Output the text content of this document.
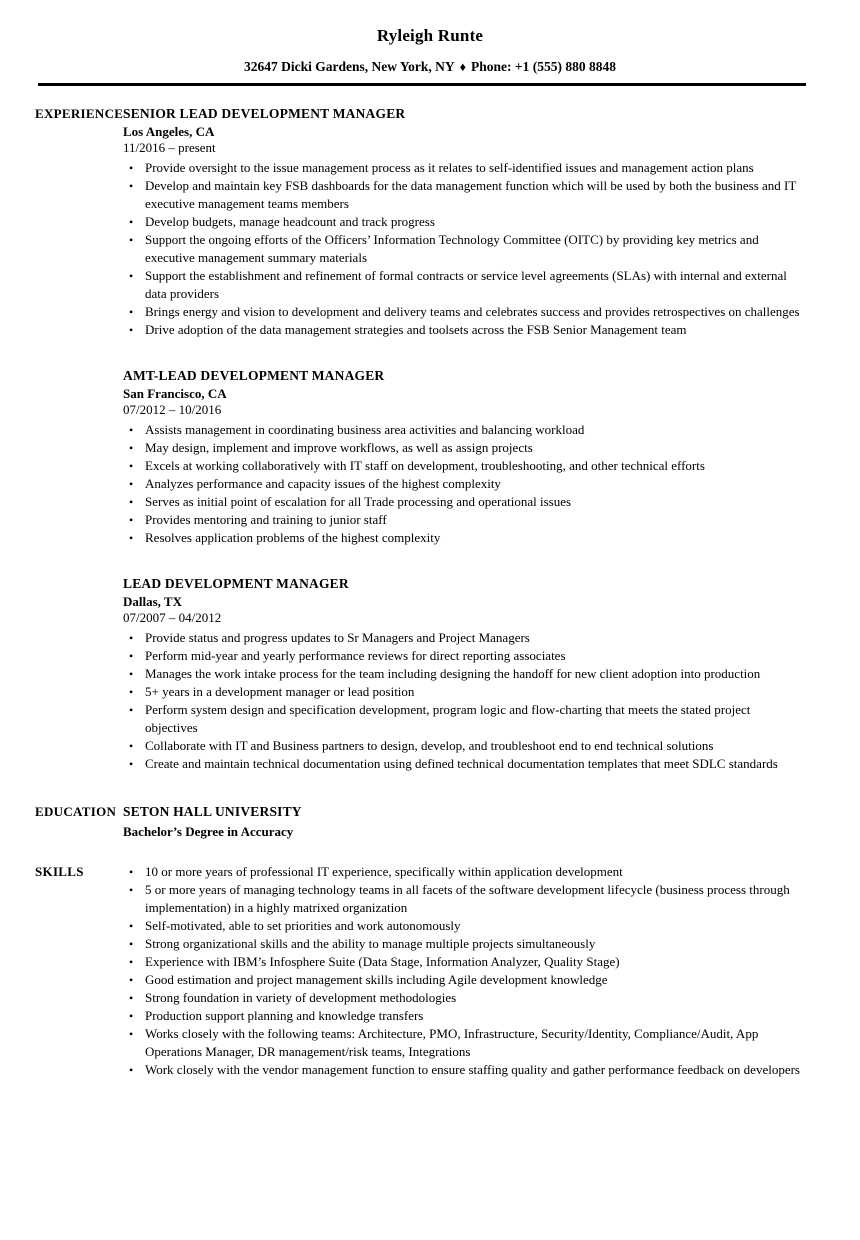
Ryleigh Runte
32647 Dicki Gardens, New York, NY ♦ Phone: +1 (555) 880 8848
EXPERIENCE SENIOR LEAD DEVELOPMENT MANAGER
Los Angeles, CA
11/2016 – present
• Provide oversight to the issue management process as it relates to self-identified issues and management action plans
• Develop and maintain key FSB dashboards for the data management function which will be used by both the business and IT executive management teams members
• Develop budgets, manage headcount and track progress
• Support the ongoing efforts of the Officers’ Information Technology Committee (OITC) by providing key metrics and executive management summary materials
• Support the establishment and refinement of formal contracts or service level agreements (SLAs) with internal and external data providers
• Brings energy and vision to development and delivery teams and celebrates success and provides retrospectives on challenges
• Drive adoption of the data management strategies and toolsets across the FSB Senior Management team
AMT-LEAD DEVELOPMENT MANAGER
San Francisco, CA
07/2012 – 10/2016
• Assists management in coordinating business area activities and balancing workload
• May design, implement and improve workflows, as well as assign projects
• Excels at working collaboratively with IT staff on development, troubleshooting, and other technical efforts
• Analyzes performance and capacity issues of the highest complexity
• Serves as initial point of escalation for all Trade processing and operational issues
• Provides mentoring and training to junior staff
• Resolves application problems of the highest complexity
LEAD DEVELOPMENT MANAGER
Dallas, TX
07/2007 – 04/2012
• Provide status and progress updates to Sr Managers and Project Managers
• Perform mid-year and yearly performance reviews for direct reporting associates
• Manages the work intake process for the team including designing the handoff for new client adoption into production
• 5+ years in a development manager or lead position
• Perform system design and specification development, program logic and flow-charting that meets the stated project objectives
• Collaborate with IT and Business partners to design, develop, and troubleshoot end to end technical solutions
• Create and maintain technical documentation using defined technical documentation templates that meet SDLC standards
EDUCATION SETON HALL UNIVERSITY
Bachelor’s Degree in Accuracy
SKILLS	• 10 or more years of professional IT experience, specifically within application development
• 5 or more years of managing technology teams in all facets of the software development lifecycle (business process through implementation) in a highly matrixed organization
• Self-motivated, able to set priorities and work autonomously
• Strong organizational skills and the ability to manage multiple projects simultaneously
• Experience with IBM’s Infosphere Suite (Data Stage, Information Analyzer, Quality Stage)
• Good estimation and project management skills including Agile development knowledge
• Strong foundation in variety of development methodologies
• Production support planning and knowledge transfers
• Works closely with the following teams: Architecture, PMO, Infrastructure, Security/Identity, Compliance/Audit, App Operations Manager, DR management/risk teams, Integrations
• Work closely with the vendor management function to ensure staffing quality and gather performance feedback on developers
